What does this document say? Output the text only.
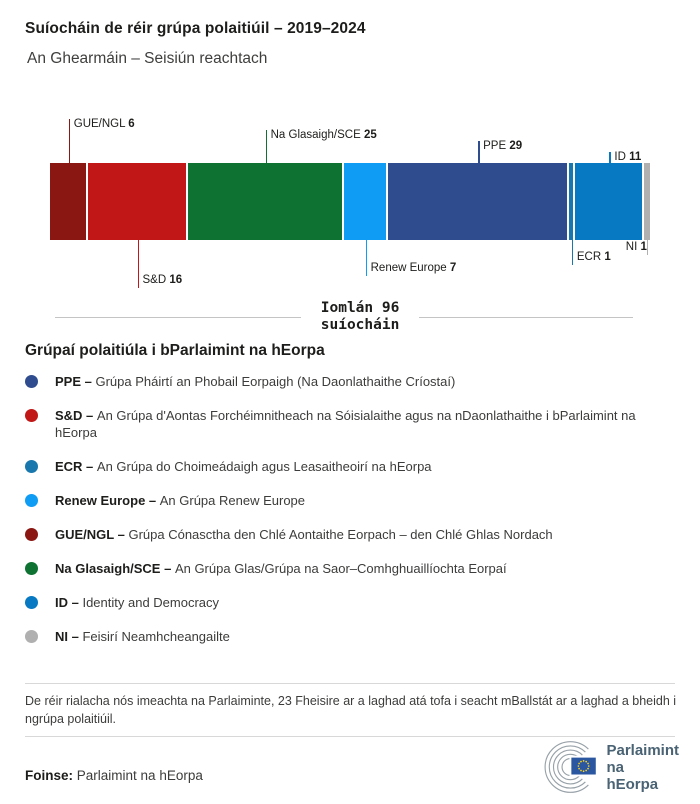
Suíocháin de réir grúpa polaitiúil – 2019–2024
An Ghearmáin – Seisiún reachtach
GUE/NGL 6
S&D 16
Na Glasaigh/SCE 25
Renew Europe 7
PPE 29
ECR 1
ID 11
NI 1
Iomlán 96
suíocháin
Grúpaí polaitiúla i bParlaimint na hEorpa
PPE – Grúpa Pháirtí an Phobail Eorpaigh (Na Daonlathaithe Críostaí)
S&D – An Grúpa d'Aontas Forchéimnitheach na Sóisialaithe agus na nDaonlathaithe i bParlaimint na hEorpa
ECR – An Grúpa do Choimeádaigh agus Leasaitheoirí na hEorpa
Renew Europe – An Grúpa Renew Europe
GUE/NGL – Grúpa Cónasctha den Chlé Aontaithe Eorpach – den Chlé Ghlas Nordach
Na Glasaigh/SCE – An Grúpa Glas/Grúpa na Saor–Comhghuaillíochta Eorpaí
ID – Identity and Democracy
NI – Feisirí Neamhcheangailte
De réir rialacha nós imeachta na Parlaiminte, 23 Fheisire ar a laghad atá tofa i seacht mBallstát ar a laghad a bheidh i ngrúpa polaitiúil.
Foinse: Parlaimint na hEorpa
Parlaimint
na hEorpa
